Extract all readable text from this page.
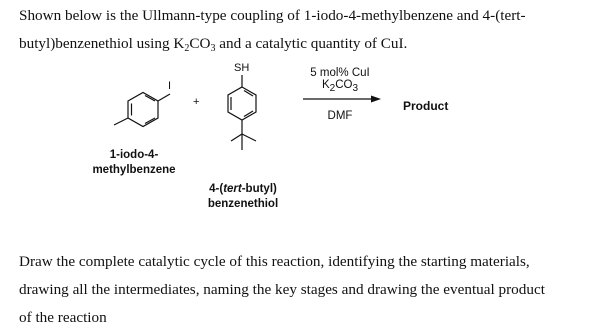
Shown below is the Ullmann-type coupling of 1-iodo-4-methylbenzene and 4-(tert-
butyl)benzenethiol using $K_2CO_3$ and a catalytic quantity of CuI.
I
SH
+
5 mol% CuI
$K_2CO_3$
DMF
Product
1-iodo-4-
methylbenzene
4-(tert-butyl)
benzenethiol
Draw the complete catalytic cycle of this reaction, identifying the starting materials,
drawing all the intermediates, naming the key stages and drawing the eventual product
of the reaction
